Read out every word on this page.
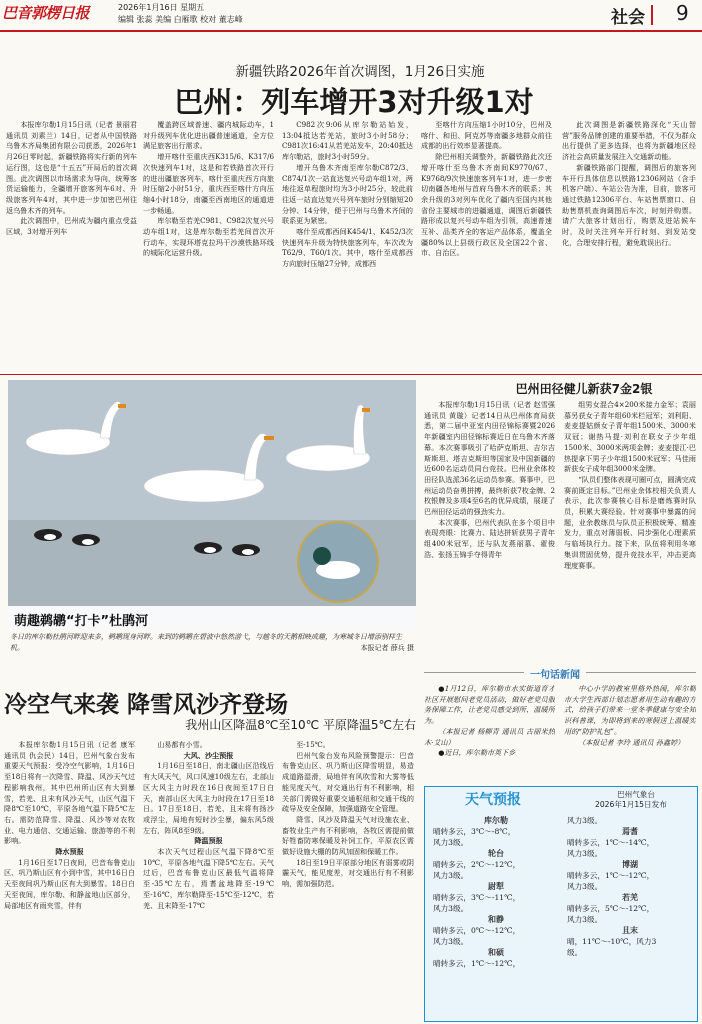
巴音郭楞日报	2026年1月16日 星期五
编辑 张蕊 美编 白雁歌 校对 董志峰	社会 9
新疆铁路2026年首次调图，1月26日实施
巴州：列车增开3对升级1对

本报库尔勒1月15日讯（记者 景丽君 通讯员 刘素兰）14日，记者从中国铁路乌鲁木齐局集团有限公司获悉，2026年1月26日零时起，新疆铁路将实行新的列车运行图，这也是“十五五”开局后的首次调图。此次调图以市场需求为导向，统筹客货运输能力，全疆增开旅客列车6对、升级旅客列车4对，其中进一步加密巴州往返乌鲁木齐的列车。

此次调图中，巴州成为疆内重点受益区域，3对增开列车

覆盖跨区域普速、疆内城际动车，1对升级列车优化进出疆普速通道，全方位满足旅客出行需求。

增开喀什至重庆西K315/6、K317/6次快速列车1对，这是和若铁路首次开行的进出疆旅客列车，喀什至重庆西方向旅时压缩2小时51分，重庆西至喀什方向压缩4小时18分，南疆至西南地区的通道进一步畅通。

库尔勒至若羌C981、C982次复兴号动车组1对，这是库尔勒至若羌间首次开行动车，实现环塔克拉玛干沙漠铁路环线的城际化运营升级。

C982次9:06从库尔勒站始发，13:04抵达若羌站，旅时3小时58分；C981次16:41从若羌站发车，20:40抵达库尔勒站，旅时3小时59分。

增开乌鲁木齐南至库尔勒C872/3、C874/1次一站直达复兴号动车组1对，两地往返单程旅时均为3小时25分，较此前往返一站直达复兴号列车旅时分别缩短20分钟、14分钟，便于巴州与乌鲁木齐间的联系更为紧密。

喀什至成都西间K454/1、K452/3次快速列车升级为特快旅客列车，车次改为T62/9、T60/1次。其中，喀什至成都西方向旅时压缩27分钟，成都西

至喀什方向压缩1小时10分，巴州及喀什、和田、阿克苏等南疆多地群众前往成都的出行效率显著提高。

除巴州相关调整外，新疆铁路此次还增开喀什至乌鲁木齐南间K9770/67、K9768/9次快速旅客列车1对，进一步密切南疆各地州与首府乌鲁木齐的联系；其余升级的3对列车优化了疆内至国内其他省份主要城市的进疆通道，调图后新疆铁路形成以复兴号动车组为引领，高速普速互补、品类齐全的客运产品体系，覆盖全疆80%以上县级行政区及全国22个省、市、自治区。

此次调图是新疆铁路深化“天山智营”服务品牌创建的重要举措，不仅为群众出行提供了更多选择，也将为新疆地区经济社会高质量发展注入交通新动能。

新疆铁路部门提醒，调图后的旅客列车开行具体信息以铁路12306网站（含手机客户端）、车站公告为准，目前，旅客可通过铁路12306平台、车站售票窗口、自助售票机查询调图后车次，时刻并购票。请广大旅客计划出行，购票及进站候车时，及时关注列车开行时刻、到发站变化，合理安排行程，避免耽误出行。

萌趣鹈鹕“打卡”杜鹃河
冬日的库尔勒杜鹃河畔迎来多，鹈鹕现身河畔。来到的鹈鹕在碧波中悠然游弋，与越冬的天鹅相映成趣，为寒城冬日增添别样生机。	本报记者 薛兵 摄
巴州田径健儿新获7金2银

本报库尔勒1月15日讯（记者 赵雪强 通讯员 黄璇）记者14日从巴州体育局获悉，第二届中亚室内田径锦标赛暨2026年新疆室内田径锦标赛近日在乌鲁木齐落幕。本次赛事吸引了哈萨克斯坦、吉尔吉斯斯坦、塔吉克斯坦等国家及中国新疆的近600名运动员同台竞技。巴州业余体校田径队选派36名运动员参赛。赛事中，巴州运动员奋勇拼搏，最终斩获7枚金牌、2枚银牌及多项4至6名的优异成绩，展现了巴州田径运动的强劲实力。

本次赛事，巴州代表队在多个项目中表现亮眼：比赛力、陆达拼斩获男子青年组400米冠军，还与队友燕丽慕、翟俊浩、张扬玉锦手夺得青年

组男女混合4×200米接力金军；袁丽慕另获女子青年组60米栏冠军；刘利阳、麦麦提姑颜女子青年组1500米、3000米双冠；谢热马提·刘利在联女子少年组1500米、3000米两项金牌；麦麦提江·巴热提拿下男子少年组1500米冠军；马佳雨新获女子成年组3000米金牌。

“队员们整体表现可圈可点，圆满完成赛前既定目标。”巴州业余体校相关负责人表示，此次参赛核心目标是磨炼赛时队员，积累大赛经验。针对赛事中暴露的问题，业余教练员与队员正积极统筹、精准发力，重点对薄弱板、同步强化心理素质与临场执行力。接下来，队伍将利用冬寒集训贯固优势，提升竞技水平，冲击更高理度赛事。

一句话新闻

●1月12日，库尔勒市水实街道育才社区开展慰问老党员活动，做好老党员服务保障工作，让老党员感受到所、温暖所为。

（本报记者 杨柳青 通讯员 古丽米热木·艾山）

●近日，库尔勒市英下乡

中心小学的教室里格外热闹，库尔勒市大学生西部计划志愿者用生动有趣的方式，给孩子们带来一堂冬季健康与安全知识科普课，为即将到来的寒假送上温暖实用的“防护礼包”。

（本报记者 李玲 通讯员 孙鑫婷）

冷空气来袭 降雪风沙齐登场
我州山区降温8℃至10℃ 平原降温5℃左右

本报库尔勒1月15日讯（记者 康军 通讯员 仇会民）14日，巴州气象台发布重要天气预报：受冷空气影响，1月16日至18日将有一次降雪、降温、风沙天气过程影响我州，其中巴州所山区有大到暴雪，若羌、且末有风沙天气，山区气温下降8℃至10℃，平原各地气温下降5℃左右。需防范降雪、降温、风沙等对农牧业、电力通信、交通运输、旅游等的不利影响。

降水预报

1月16日至17日夜间，巴音布鲁克山区、巩乃斯山区有小到中雪，其中16日白天至夜间巩乃斯山区有大到暴雪。18日白天至夜间，库尔勒、和静盆地山区部分，局部地区有雨夹雪，伴有

山易都有小雪。

大风、沙尘预报

1月16日至18日，南北疆山区沿线后有大风天气，风口风速10级左右，北部山区大风主力时段在16日夜间至17日白天，南部山区大风主力时段在17日至18日。17日至18日，若羌、且末将有扬沙或浮尘，局地有短时沙尘暴，偏东风5级左右，阵风8至9级。

降温预报

本次天气过程山区气温下降8℃至10℃，平原各地气温下降5℃左右。天气过后，巴音布鲁克山区最低气温将降至-35℃左右，焉耆盆地降至-19℃至-16℃，库尔勒降至-15℃至-12℃，若羌、且末降至-17℃

至-15℃。

巴州气象台发布风险预警提示：巴音布鲁克山区、巩乃斯山区降雪明显，易造成道路湿滑，局地伴有风吹雪和大雾等低能见度天气，对交通出行有不利影响，相关部门需做好重要交通枢纽和交通干线的疏导及安全保障，加强道路安全管理。

降雪、风沙及降温天气对设施农业、畜牧业生产有不利影响，各牧区需提前做好牲畜防寒保暖及补饲工作，平原农区需做好设施大棚的防风加固和保暖工作。

18日至19日平原部分地区有弱雾或阴霾天气，能见度差，对交通出行有不利影响，需加强防范。

天气预报	巴州气象台
2026年1月15日发布
库尔勒
晴转多云，3℃～-8℃，
风力3级。
轮台
晴转多云，2℃～-12℃，
风力3级。
尉犁
晴转多云，3℃～-11℃，
风力3级。
和静
晴转多云，0℃～-12℃，
风力3级。
和硕
晴转多云，1℃～-12℃，
风力3级。
焉耆
晴转多云，1℃～-14℃，
风力3级。
博湖
晴转多云，1℃～-12℃，
风力3级。
若羌
晴转多云，5℃～-12℃，
风力3级。
且末
晴，11℃～-10℃，风力3
级。
